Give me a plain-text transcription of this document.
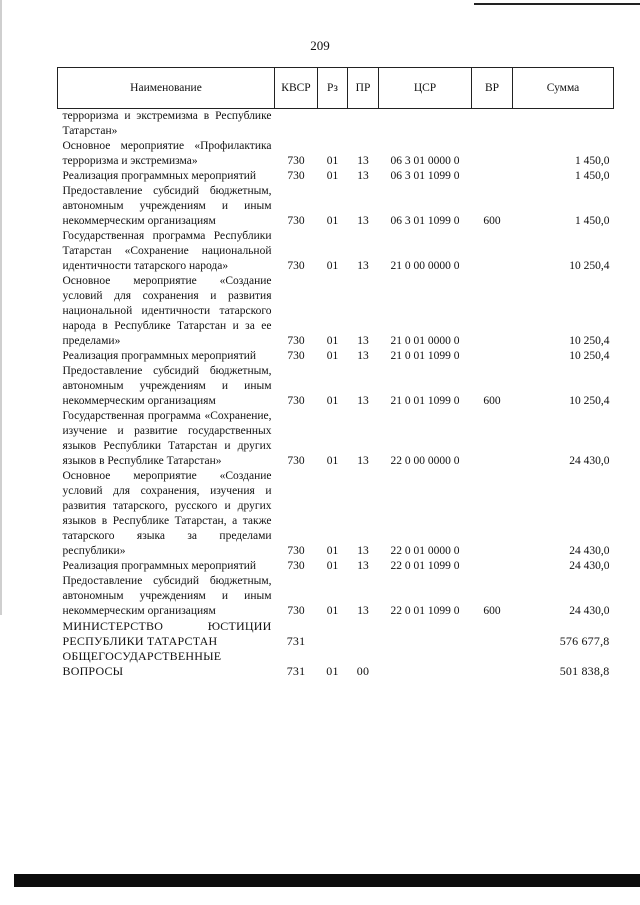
209
Наименование	КВСР	Рз	ПР	ЦСР	ВР	Сумма
терроризма и экстремизма в Республике Татарстан»						
Основное мероприятие «Профилактика терроризма и экстремизма»	730	01	13	06 3 01 0000 0		1 450,0
Реализация программных мероприятий	730	01	13	06 3 01 1099 0		1 450,0
Предоставление субсидий бюджетным, автономным учреждениям и иным некоммерческим организациям	730	01	13	06 3 01 1099 0	600	1 450,0
Государственная программа Республики Татарстан «Сохранение национальной идентичности татарского народа»	730	01	13	21 0 00 0000 0		10 250,4
Основное мероприятие «Создание условий для сохранения и развития национальной идентичности татарского народа в Республике Татарстан и за ее пределами»	730	01	13	21 0 01 0000 0		10 250,4
Реализация программных мероприятий	730	01	13	21 0 01 1099 0		10 250,4
Предоставление субсидий бюджетным, автономным учреждениям и иным некоммерческим организациям	730	01	13	21 0 01 1099 0	600	10 250,4
Государственная программа «Сохранение, изучение и развитие государственных языков Республики Татарстан и других языков в Республике Татарстан»	730	01	13	22 0 00 0000 0		24 430,0
Основное мероприятие «Создание условий для сохранения, изучения и развития татарского, русского и других языков в Республике Татарстан, а также татарского языка за пределами республики»	730	01	13	22 0 01 0000 0		24 430,0
Реализация программных мероприятий	730	01	13	22 0 01 1099 0		24 430,0
Предоставление субсидий бюджетным, автономным учреждениям и иным некоммерческим организациям	730	01	13	22 0 01 1099 0	600	24 430,0
МИНИСТЕРСТВО ЮСТИЦИИ РЕСПУБЛИКИ ТАТАРСТАН	731					576 677,8
ОБЩЕГОСУДАРСТВЕННЫЕ ВОПРОСЫ	731	01	00			501 838,8
